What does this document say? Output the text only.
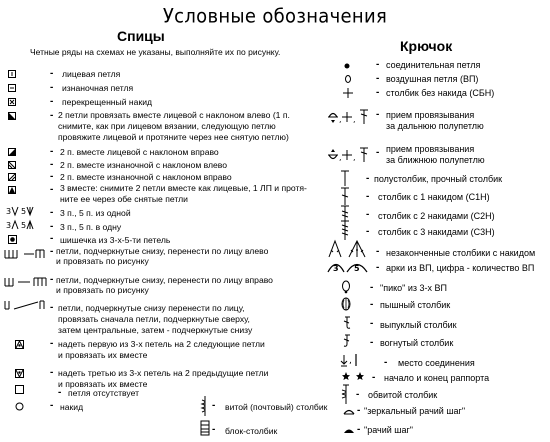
Условные обозначения
Спицы
Крючок
Четные ряды на схемах не указаны, выполняйте их по рисунку.
- лицевая петля
- изнаночная петля
- перекрещенный накид
- 2 петли провязать вместе лицевой с наклоном влево (1 п.
снимите, как при лицевом вязании, следующую петлю
провяжите лицевой и протяните через нее снятую петлю)
- 2 п. вместе лицевой с наклоном вправо
- 2 п. вместе изнаночной с наклоном влево
- 2 п. вместе изнаночной с наклоном вправо
- 3 вместе: снимите 2 петли вместе как лицевые, 1 ЛП и протя-
ните ее через обе снятые петли
3 5 - 3 п., 5 п. из одной
3 5 - 3 п., 5 п. в одну
- шишечка из 3-х-5-ти петель
- петли, подчеркнутые снизу, перенести по лицу влево
и провязать по рисунку
- петли, подчеркнутые снизу, перенести по лицу вправо
и провязать по рисунку
- петли, подчеркнутые снизу перенести по лицу,
провязать сначала петли, подчеркнутые сверху,
затем центральные, затем - подчеркнутые снизу
- надеть первую из 3-х петель на 2 следующие петли
и провязать их вместе
- надеть третью из 3-х петель на 2 предыдущие петли
и провязать их вместе
- петля отсутствует
- накид	- витой (почтовый) столбик
- блок-столбик
- соединительная петля
- воздушная петля (ВП)
- столбик без накида (СБН)
, , - прием провязывания
за дальнюю полупетлю
, , - прием провязывания
за ближнюю полупетлю
- полустолбик, прочный столбик
- столбик с 1 накидом (С1Н)
- столбик с 2 накидами (С2Н)
- столбик с 3 накидами (С3Н)
- незаконченные столбики с накидом
3 5 - арки из ВП, цифра - количество ВП
- "пико" из 3-х ВП
- пышный столбик
- выпуклый столбик
- вогнутый столбик
,	- место соединения
- начало и конец раппорта
- обвитой столбик
- "зеркальный рачий шаг"
- "рачий шаг"
